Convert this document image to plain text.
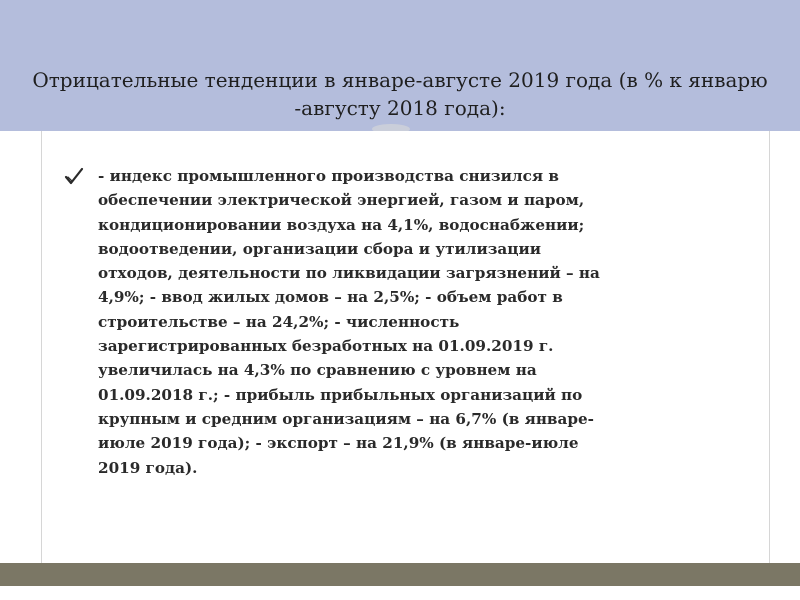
Отрицательные тенденции в январе-августе 2019 года (в % к январю -августу 2018 года):

- индекс промышленного производства снизился в обеспечении электрической энергией, газом и паром, кондиционировании воздуха на 4,1%, водоснабжении; водоотведении, организации сбора и утилизации отходов, деятельности по ликвидации загрязнений – на 4,9%; - ввод жилых домов – на 2,5%; - объем работ в строительстве – на 24,2%; - численность зарегистрированных безработных на 01.09.2019 г. увеличилась на 4,3% по сравнению с уровнем на 01.09.2018 г.; - прибыль прибыльных организаций по крупным и средним организациям – на 6,7% (в январе-июле 2019 года); - экспорт – на 21,9% (в январе-июле 2019 года).
